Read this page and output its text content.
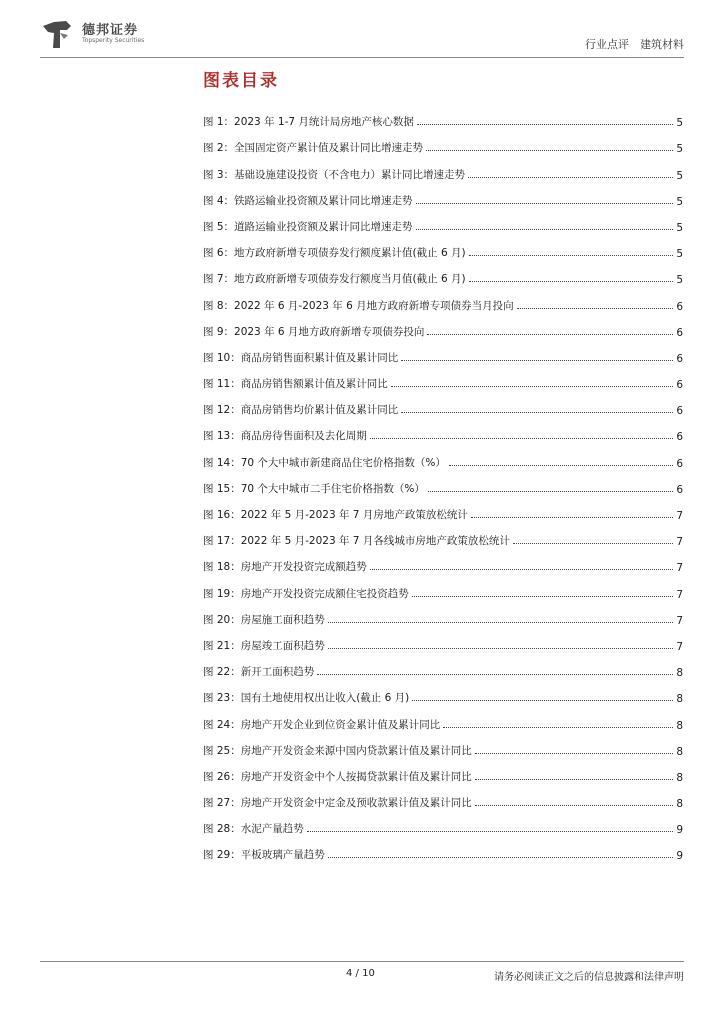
德邦证券
Topsperity Securities	行业点评　建筑材料
图表目录
图 1：2023 年 1-7 月统计局房地产核心数据	5
图 2：全国固定资产累计值及累计同比增速走势	5
图 3：基础设施建设投资（不含电力）累计同比增速走势	5
图 4：铁路运输业投资额及累计同比增速走势	5
图 5：道路运输业投资额及累计同比增速走势	5
图 6：地方政府新增专项债券发行额度累计值(截止 6 月)	5
图 7：地方政府新增专项债券发行额度当月值(截止 6 月)	5
图 8：2022 年 6 月-2023 年 6 月地方政府新增专项债券当月投向	6
图 9：2023 年 6 月地方政府新增专项债券投向	6
图 10：商品房销售面积累计值及累计同比	6
图 11：商品房销售额累计值及累计同比	6
图 12：商品房销售均价累计值及累计同比	6
图 13：商品房待售面积及去化周期	6
图 14：70 个大中城市新建商品住宅价格指数（%）	6
图 15：70 个大中城市二手住宅价格指数（%）	6
图 16：2022 年 5 月-2023 年 7 月房地产政策放松统计	7
图 17：2022 年 5 月-2023 年 7 月各线城市房地产政策放松统计	7
图 18：房地产开发投资完成额趋势	7
图 19：房地产开发投资完成额住宅投资趋势	7
图 20：房屋施工面积趋势	7
图 21：房屋竣工面积趋势	7
图 22：新开工面积趋势	8
图 23：国有土地使用权出让收入(截止 6 月)	8
图 24：房地产开发企业到位资金累计值及累计同比	8
图 25：房地产开发资金来源中国内贷款累计值及累计同比	8
图 26：房地产开发资金中个人按揭贷款累计值及累计同比	8
图 27：房地产开发资金中定金及预收款累计值及累计同比	8
图 28：水泥产量趋势	9
图 29：平板玻璃产量趋势	9
4 / 10	请务必阅读正文之后的信息披露和法律声明
